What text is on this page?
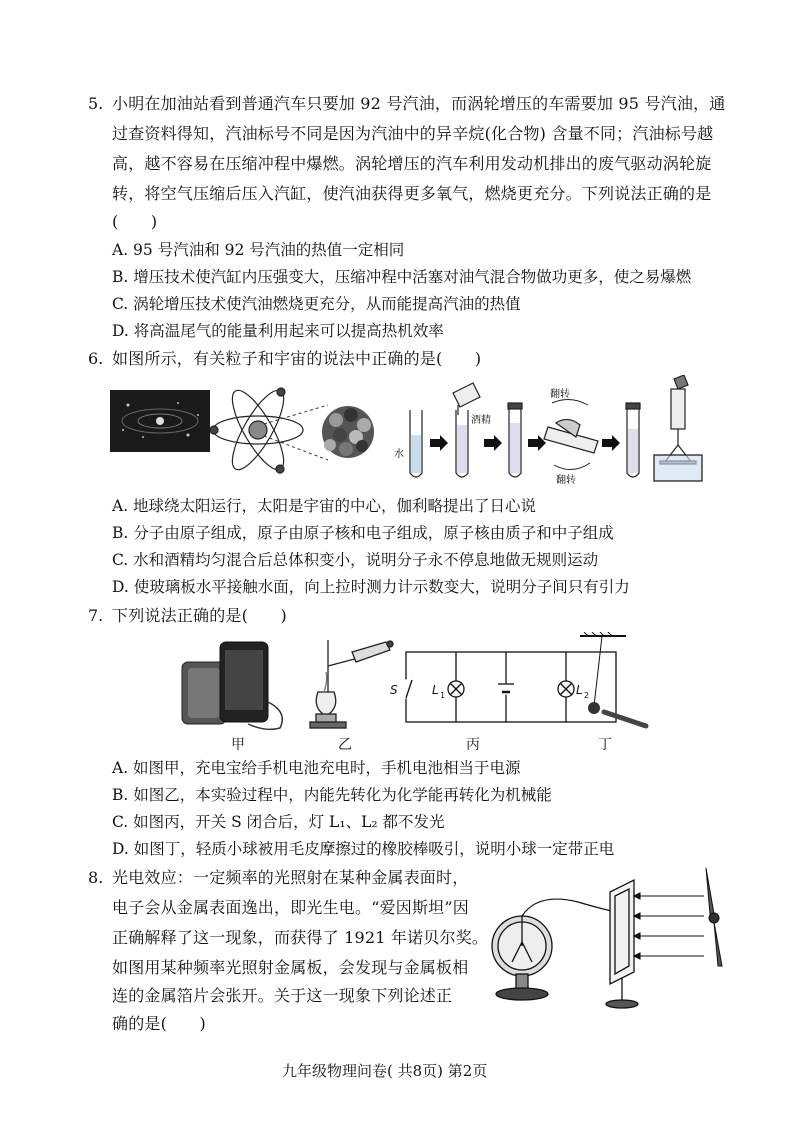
5. 小明在加油站看到普通汽车只要加 92 号汽油，而涡轮增压的车需要加 95 号汽油，通
过查资料得知，汽油标号不同是因为汽油中的异辛烷(化合物) 含量不同；汽油标号越
高，越不容易在压缩冲程中爆燃。涡轮增压的汽车利用发动机排出的废气驱动涡轮旋
转，将空气压缩后压入汽缸，使汽油获得更多氧气，燃烧更充分。下列说法正确的是
(　　)
A. 95 号汽油和 92 号汽油的热值一定相同
B. 增压技术使汽缸内压强变大，压缩冲程中活塞对油气混合物做功更多，使之易爆燃
C. 涡轮增压技术使汽油燃烧更充分，从而能提高汽油的热值
D. 将高温尾气的能量利用起来可以提高热机效率
6. 如图所示，有关粒子和宇宙的说法中正确的是(　　)
水
酒精
翻转
翻转
A. 地球绕太阳运行，太阳是宇宙的中心，伽利略提出了日心说
B. 分子由原子组成，原子由原子核和电子组成，原子核由质子和中子组成
C. 水和酒精均匀混合后总体积变小，说明分子永不停息地做无规则运动
D. 使玻璃板水平接触水面，向上拉时测力计示数变大，说明分子间只有引力
7. 下列说法正确的是(　　)
S	L 1	L 2
甲	乙	丙	丁
A. 如图甲，充电宝给手机电池充电时，手机电池相当于电源
B. 如图乙，本实验过程中，内能先转化为化学能再转化为机械能
C. 如图丙，开关 S 闭合后，灯 L₁、L₂ 都不发光
D. 如图丁，轻质小球被用毛皮摩擦过的橡胶棒吸引，说明小球一定带正电
8. 光电效应：一定频率的光照射在某种金属表面时，
电子会从金属表面逸出，即光生电。“爱因斯坦”因
正确解释了这一现象，而获得了 1921 年诺贝尔奖。
如图用某种频率光照射金属板，会发现与金属板相
连的金属箔片会张开。关于这一现象下列论述正
确的是(　　)
九年级物理问卷( 共8页) 第2页
